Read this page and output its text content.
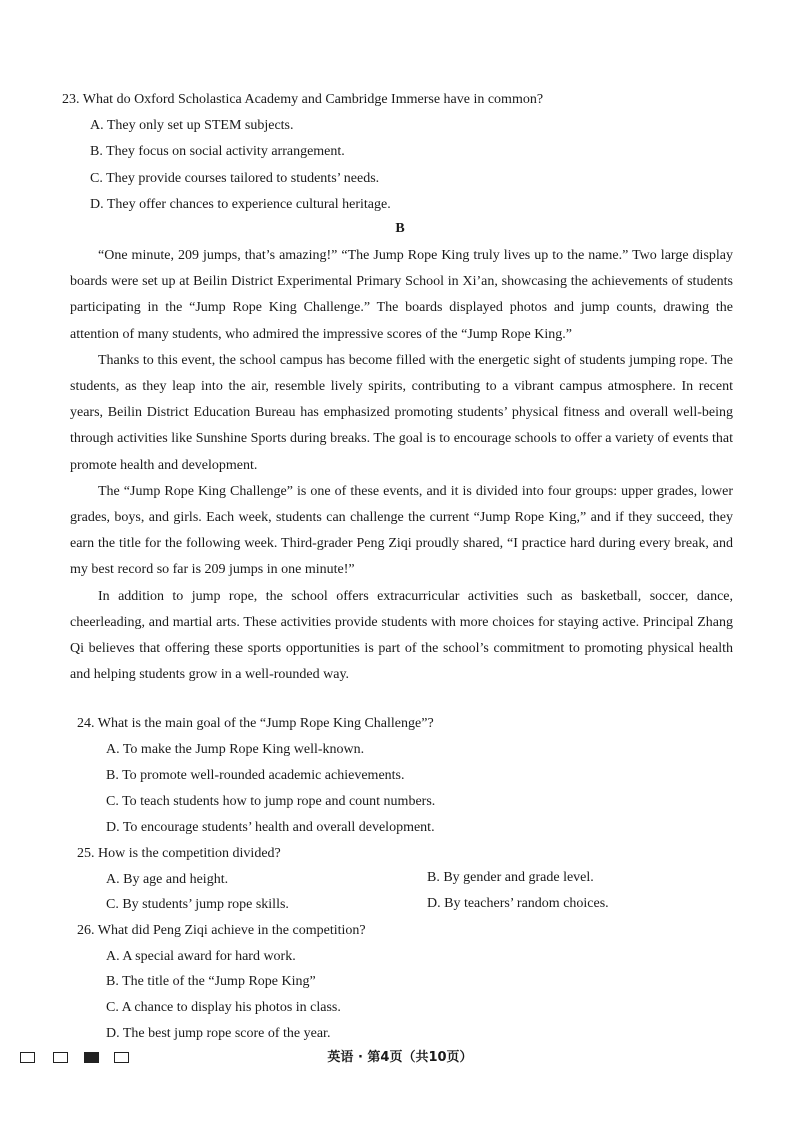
23. What do Oxford Scholastica Academy and Cambridge Immerse have in common?
A. They only set up STEM subjects.
B. They focus on social activity arrangement.
C. They provide courses tailored to students’ needs.
D. They offer chances to experience cultural heritage.
B

“One minute, 209 jumps, that’s amazing!” “The Jump Rope King truly lives up to the name.” Two large display boards were set up at Beilin District Experimental Primary School in Xi’an, showcasing the achievements of students participating in the “Jump Rope King Challenge.” The boards displayed photos and jump counts, drawing the attention of many students, who admired the impressive scores of the “Jump Rope King.”

Thanks to this event, the school campus has become filled with the energetic sight of students jumping rope. The students, as they leap into the air, resemble lively spirits, contributing to a vibrant campus atmosphere. In recent years, Beilin District Education Bureau has emphasized promoting students’ physical fitness and overall well-being through activities like Sunshine Sports during breaks. The goal is to encourage schools to offer a variety of events that promote health and development.

The “Jump Rope King Challenge” is one of these events, and it is divided into four groups: upper grades, lower grades, boys, and girls. Each week, students can challenge the current “Jump Rope King,” and if they succeed, they earn the title for the following week. Third-grader Peng Ziqi proudly shared, “I practice hard during every break, and my best record so far is 209 jumps in one minute!”

In addition to jump rope, the school offers extracurricular activities such as basketball, soccer, dance, cheerleading, and martial arts. These activities provide students with more choices for staying active. Principal Zhang Qi believes that offering these sports opportunities is part of the school’s commitment to promoting physical health and helping students grow in a well-rounded way.

24. What is the main goal of the “Jump Rope King Challenge”?
A. To make the Jump Rope King well-known.
B. To promote well-rounded academic achievements.
C. To teach students how to jump rope and count numbers.
D. To encourage students’ health and overall development.
25. How is the competition divided?
A. By age and height.	B. By gender and grade level.
C. By students’ jump rope skills.	D. By teachers’ random choices.
26. What did Peng Ziqi achieve in the competition?
A. A special award for hard work.
B. The title of the “Jump Rope King”
C. A chance to display his photos in class.
D. The best jump rope score of the year.
英语 · 第4页（共10页）
